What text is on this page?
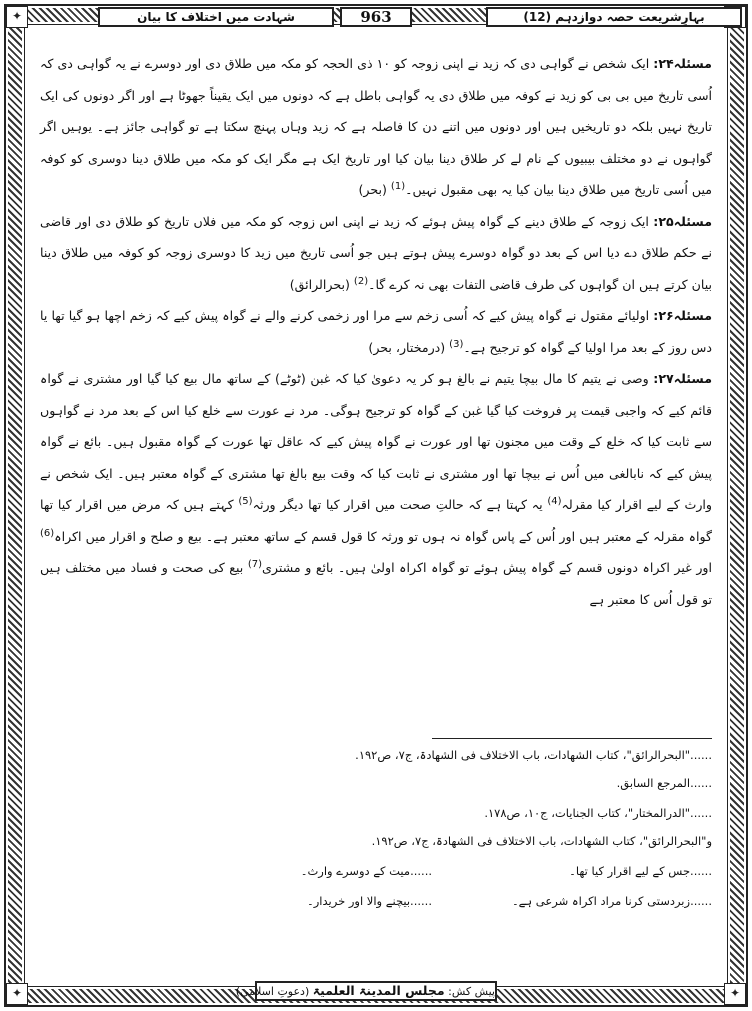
✦
✦	✦
بہارِشریعت حصہ دوازدہم (12)
963
شہادت میں اختلاف کا بیان

مسئلہ۲۴: ایک شخص نے گواہی دی کہ زید نے اپنی زوجہ کو ۱۰ ذی الحجہ کو مکہ میں طلاق دی اور دوسرے نے یہ گواہی دی کہ اُسی تاریخ میں بی بی کو زید نے کوفہ میں طلاق دی یہ گواہی باطل ہے کہ دونوں میں ایک یقیناً جھوٹا ہے اور اگر دونوں کی ایک تاریخ نہیں بلکہ دو تاریخیں ہیں اور دونوں میں اتنے دن کا فاصلہ ہے کہ زید وہاں پہنچ سکتا ہے تو گواہی جائز ہے۔ یوہیں اگر گواہوں نے دو مختلف بیبیوں کے نام لے کر طلاق دینا بیان کیا اور تاریخ ایک ہے مگر ایک کو مکہ میں طلاق دینا دوسری کو کوفہ میں اُسی تاریخ میں طلاق دینا بیان کیا یہ بھی مقبول نہیں۔$^{(1)}$ (بحر)

مسئلہ۲۵: ایک زوجہ کے طلاق دینے کے گواہ پیش ہوئے کہ زید نے اپنی اس زوجہ کو مکہ میں فلاں تاریخ کو طلاق دی اور قاضی نے حکم طلاق دے دیا اس کے بعد دو گواہ دوسرے پیش ہوتے ہیں جو اُسی تاریخ میں زید کا دوسری زوجہ کو کوفہ میں طلاق دینا بیان کرتے ہیں ان گواہوں کی طرف قاضی التفات بھی نہ کرے گا۔$^{(2)}$ (بحرالرائق)

مسئلہ۲۶: اولیائے مقتول نے گواہ پیش کیے کہ اُسی زخم سے مرا اور زخمی کرنے والے نے گواہ پیش کیے کہ زخم اچھا ہو گیا تھا یا دس روز کے بعد مرا اولیا کے گواہ کو ترجیح ہے۔$^{(3)}$ (درمختار، بحر)

مسئلہ۲۷: وصی نے یتیم کا مال بیچا یتیم نے بالغ ہو کر یہ دعویٰ کیا کہ غبن (ٹوٹے) کے ساتھ مال بیع کیا گیا اور مشتری نے گواہ قائم کیے کہ واجبی قیمت پر فروخت کیا گیا غبن کے گواہ کو ترجیح ہوگی۔ مرد نے عورت سے خلع کیا اس کے بعد مرد نے گواہوں سے ثابت کیا کہ خلع کے وقت میں مجنون تھا اور عورت نے گواہ پیش کیے کہ عاقل تھا عورت کے گواہ مقبول ہیں۔ بائع نے گواہ پیش کیے کہ نابالغی میں اُس نے بیچا تھا اور مشتری نے ثابت کیا کہ وقت بیع بالغ تھا مشتری کے گواہ معتبر ہیں۔ ایک شخص نے وارث کے لیے اقرار کیا مقرلہ$^{(4)}$ یہ کہتا ہے کہ حالتِ صحت میں اقرار کیا تھا دیگر ورثہ$^{(5)}$ کہتے ہیں کہ مرض میں اقرار کیا تھا گواہ مقرلہ کے معتبر ہیں اور اُس کے پاس گواہ نہ ہوں تو ورثہ کا قول قسم کے ساتھ معتبر ہے۔ بیع و صلح و اقرار میں اکراہ$^{(6)}$ اور غیر اکراہ دونوں قسم کے گواہ پیش ہوئے تو گواہ اکراہ اولیٰ ہیں۔ بائع و مشتری$^{(7)}$ بیع کی صحت و فساد میں مختلف ہیں تو قول اُس کا معتبر ہے

......"البحرالرائق"، کتاب الشھادات، باب الاختلاف فی الشھادۃ، ج۷، ص۱۹۲.
......المرجع السابق.
......"الدرالمختار"، کتاب الجنایات، ج۱۰، ص۱۷۸.
و"البحرالرائق"، کتاب الشھادات، باب الاختلاف فی الشھادۃ، ج۷، ص۱۹۲.
......جس کے لیے اقرار کیا تھا۔
......میت کے دوسرے وارث۔
......زبردستی کرنا مراد اکراہ شرعی ہے۔
......بیچنے والا اور خریدار۔
پیش کش: مجلس المدینۃ العلمیۃ (دعوتِ اسلامی)
